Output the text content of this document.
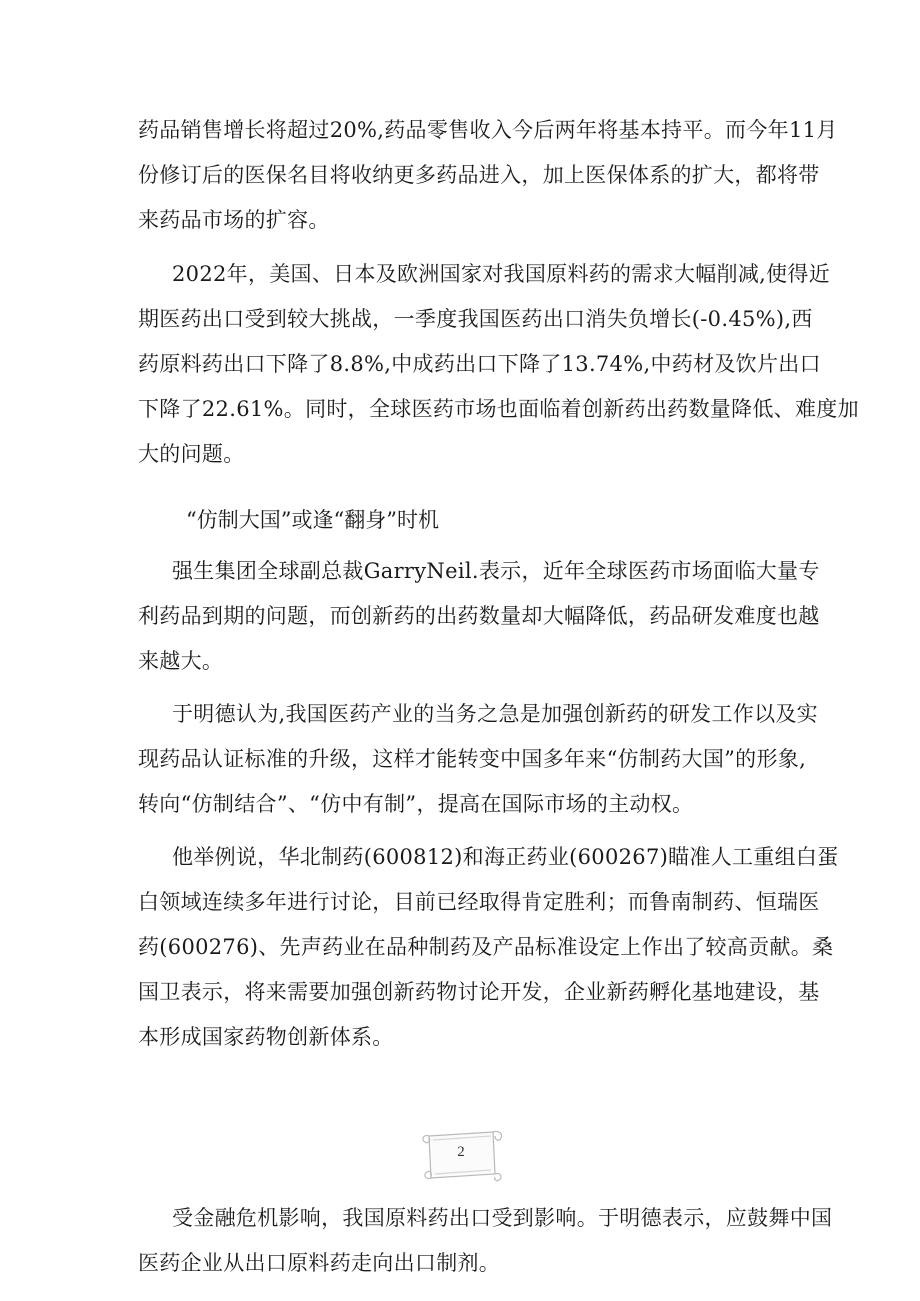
药品销售增长将超过20%,药品零售收入今后两年将基本持平。而今年11月
份修订后的医保名目将收纳更多药品进入，加上医保体系的扩大，都将带
来药品市场的扩容。

2022年，美国、日本及欧洲国家对我国原料药的需求大幅削减,使得近
期医药出口受到较大挑战，一季度我国医药出口消失负增长(-0.45%),西
药原料药出口下降了8.8%,中成药出口下降了13.74%,中药材及饮片出口
下降了22.61%。同时，全球医药市场也面临着创新药出药数量降低、难度加
大的问题。

“仿制大国”或逢“翻身”时机

强生集团全球副总裁GarryNeil.表示，近年全球医药市场面临大量专
利药品到期的问题，而创新药的出药数量却大幅降低，药品研发难度也越
来越大。

于明德认为,我国医药产业的当务之急是加强创新药的研发工作以及实
现药品认证标准的升级，这样才能转变中国多年来“仿制药大国”的形象,
转向“仿制结合”、“仿中有制”，提高在国际市场的主动权。

他举例说，华北制药(600812)和海正药业(600267)瞄准人工重组白蛋
白领域连续多年进行讨论，目前已经取得肯定胜利；而鲁南制药、恒瑞医
药(600276)、先声药业在品种制药及产品标准设定上作出了较高贡献。桑
国卫表示，将来需要加强创新药物讨论开发，企业新药孵化基地建设，基
本形成国家药物创新体系。

2

受金融危机影响，我国原料药出口受到影响。于明德表示，应鼓舞中国
医药企业从出口原料药走向出口制剂。
